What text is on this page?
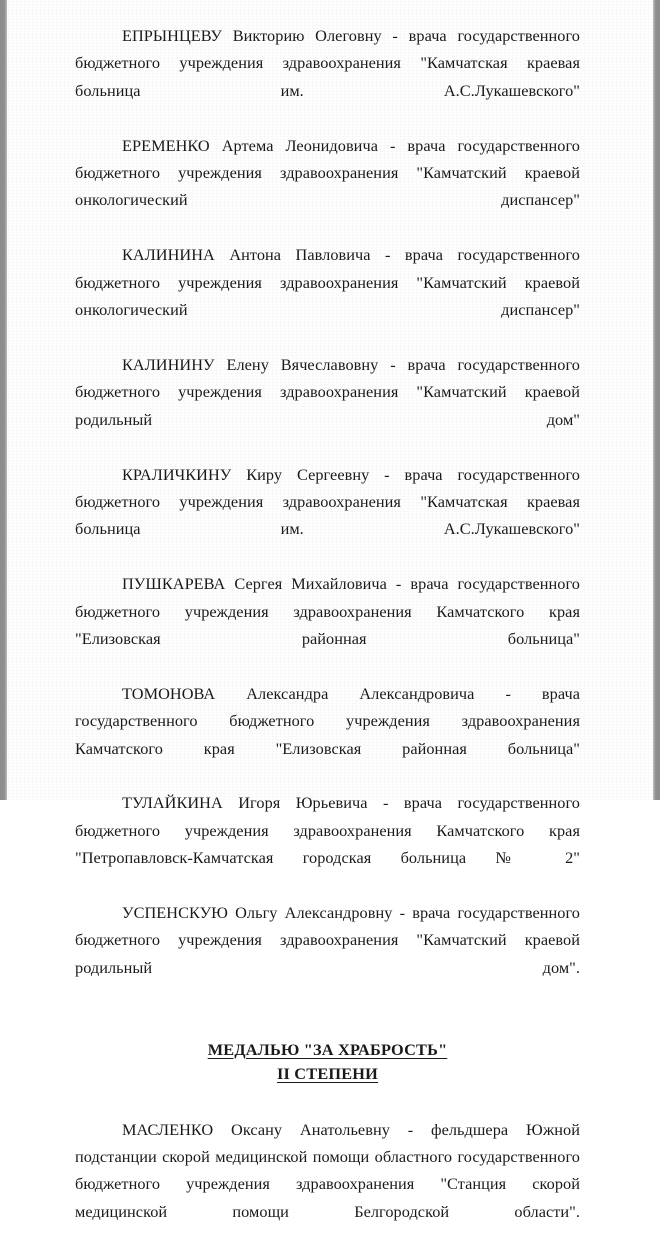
ЕПРЫНЦЕВУ Викторию Олеговну - врача государственного бюджетного учреждения здравоохранения "Камчатская краевая больница им. А.С.Лукашевского"

ЕРЕМЕНКО Артема Леонидовича - врача государственного бюджетного учреждения здравоохранения "Камчатский краевой онкологический диспансер"

КАЛИНИНА Антона Павловича - врача государственного бюджетного учреждения здравоохранения "Камчатский краевой онкологический диспансер"

КАЛИНИНУ Елену Вячеславовну - врача государственного бюджетного учреждения здравоохранения "Камчатский краевой родильный дом"

КРАЛИЧКИНУ Киру Сергеевну - врача государственного бюджетного учреждения здравоохранения "Камчатская краевая больница им. А.С.Лукашевского"

ПУШКАРЕВА Сергея Михайловича - врача государственного бюджетного учреждения здравоохранения Камчатского края "Елизовская районная больница"

ТОМОНОВА Александра Александровича - врача государственного бюджетного учреждения здравоохранения Камчатского края "Елизовская районная больница"

ТУЛАЙКИНА Игоря Юрьевича - врача государственного бюджетного учреждения здравоохранения Камчатского края "Петропавловск-Камчатская городская больница № 2"

УСПЕНСКУЮ Ольгу Александровну - врача государственного бюджетного учреждения здравоохранения "Камчатский краевой родильный дом".

МЕДАЛЬЮ "ЗА ХРАБРОСТЬ"
II СТЕПЕНИ

МАСЛЕНКО Оксану Анатольевну - фельдшера Южной подстанции скорой медицинской помощи областного государственного бюджетного учреждения здравоохранения "Станция скорой медицинской помощи Белгородской области".
